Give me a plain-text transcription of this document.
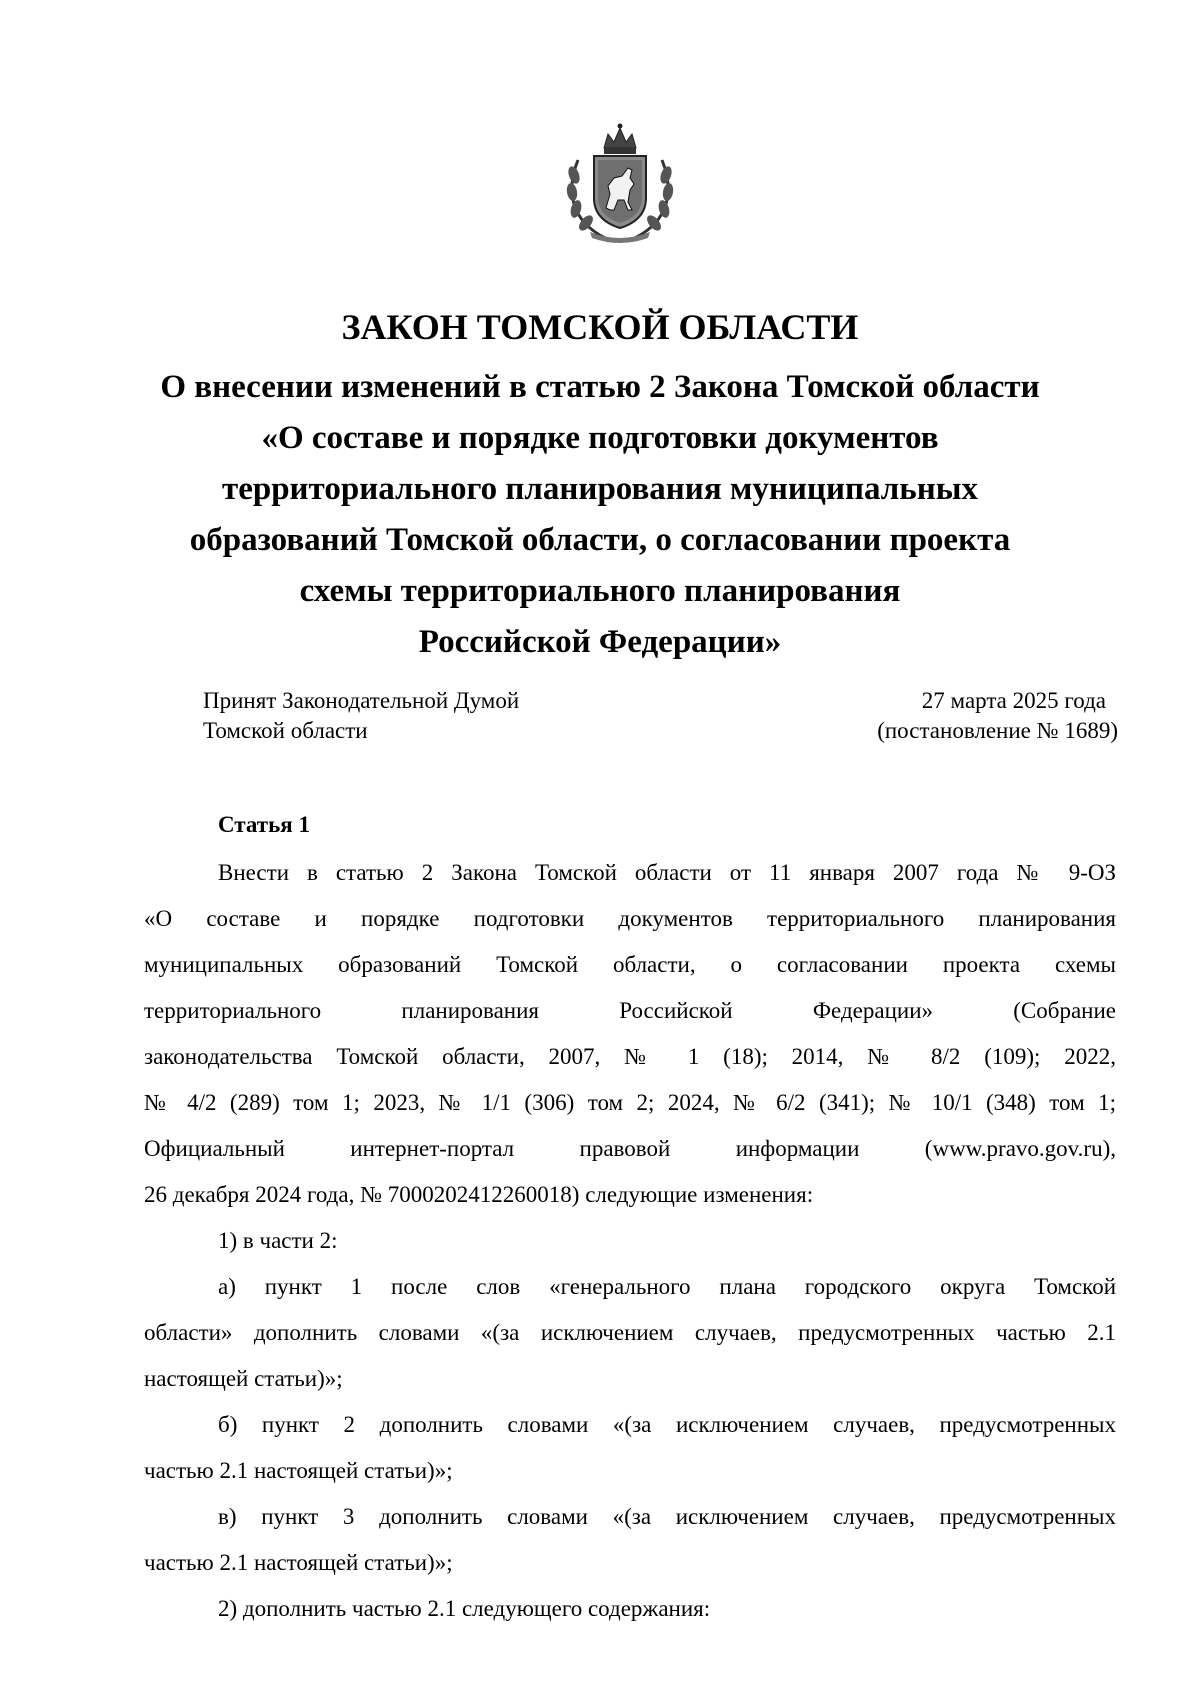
ЗАКОН ТОМСКОЙ ОБЛАСТИ
О внесении изменений в статью 2 Закона Томской области
«О составе и порядке подготовки документов
территориального планирования муниципальных
образований Томской области, о согласовании проекта
схемы территориального планирования
Российской Федерации»
Принят Законодательной Думой
Томской области
27 марта 2025 года
(постановление № 1689)
Статья 1
Внести в статью 2 Закона Томской области от 11 января 2007 года № 9-ОЗ
«О составе и порядке подготовки документов территориального планирования
муниципальных образований Томской области, о согласовании проекта схемы
территориального планирования Российской Федерации» (Собрание
законодательства Томской области, 2007, № 1 (18); 2014, № 8/2 (109); 2022,
№ 4/2 (289) том 1; 2023, № 1/1 (306) том 2; 2024, № 6/2 (341); № 10/1 (348) том 1;
Официальный интернет-портал правовой информации (www.pravo.gov.ru),
26 декабря 2024 года, № 7000202412260018) следующие изменения:
1) в части 2:
а) пункт 1 после слов «генерального плана городского округа Томской
области» дополнить словами «(за исключением случаев, предусмотренных частью 2.1
настоящей статьи)»;
б) пункт 2 дополнить словами «(за исключением случаев, предусмотренных
частью 2.1 настоящей статьи)»;
в) пункт 3 дополнить словами «(за исключением случаев, предусмотренных
частью 2.1 настоящей статьи)»;
2) дополнить частью 2.1 следующего содержания:
